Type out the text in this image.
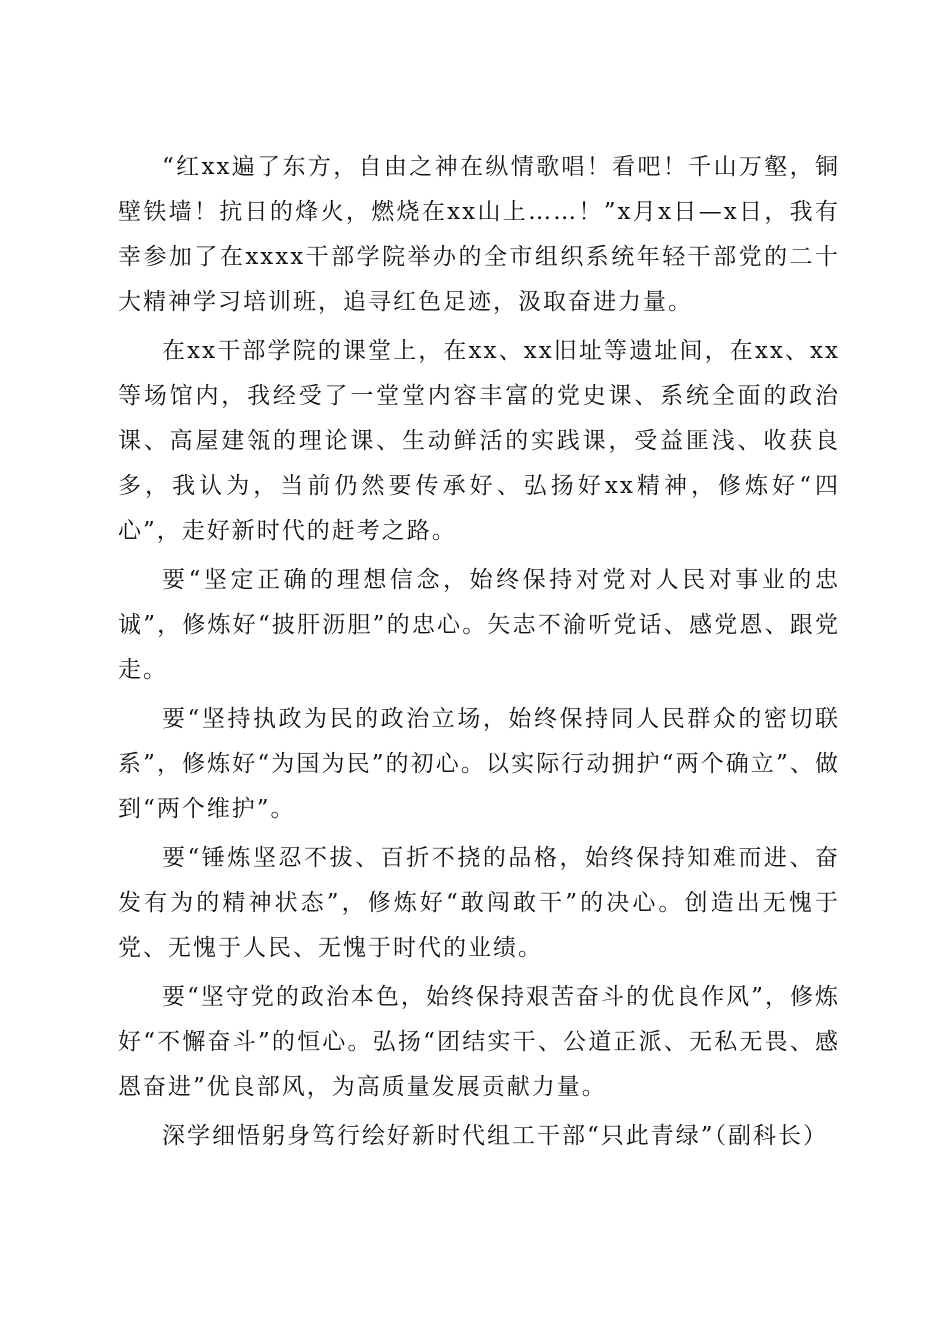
“红xx遍了东方，自由之神在纵情歌唱！看吧！千山万壑，铜壁铁墙！抗日的烽火，燃烧在xx山上……！”x月x日—x日，我有幸参加了在xxxx干部学院举办的全市组织系统年轻干部党的二十大精神学习培训班，追寻红色足迹，汲取奋进力量。

在xx干部学院的课堂上，在xx、xx旧址等遗址间，在xx、xx等场馆内，我经受了一堂堂内容丰富的党史课、系统全面的政治课、高屋建瓴的理论课、生动鲜活的实践课，受益匪浅、收获良多，我认为，当前仍然要传承好、弘扬好xx精神，修炼好“四心”，走好新时代的赶考之路。

要“坚定正确的理想信念，始终保持对党对人民对事业的忠诚”，修炼好“披肝沥胆”的忠心。矢志不渝听党话、感党恩、跟党走。

要“坚持执政为民的政治立场，始终保持同人民群众的密切联系”，修炼好“为国为民”的初心。以实际行动拥护“两个确立”、做到“两个维护”。

要“锤炼坚忍不拔、百折不挠的品格，始终保持知难而进、奋发有为的精神状态”，修炼好“敢闯敢干”的决心。创造出无愧于党、无愧于人民、无愧于时代的业绩。

要“坚守党的政治本色，始终保持艰苦奋斗的优良作风”，修炼好“不懈奋斗”的恒心。弘扬“团结实干、公道正派、无私无畏、感恩奋进”优良部风，为高质量发展贡献力量。

深学细悟躬身笃行绘好新时代组工干部“只此青绿”（副科长）
